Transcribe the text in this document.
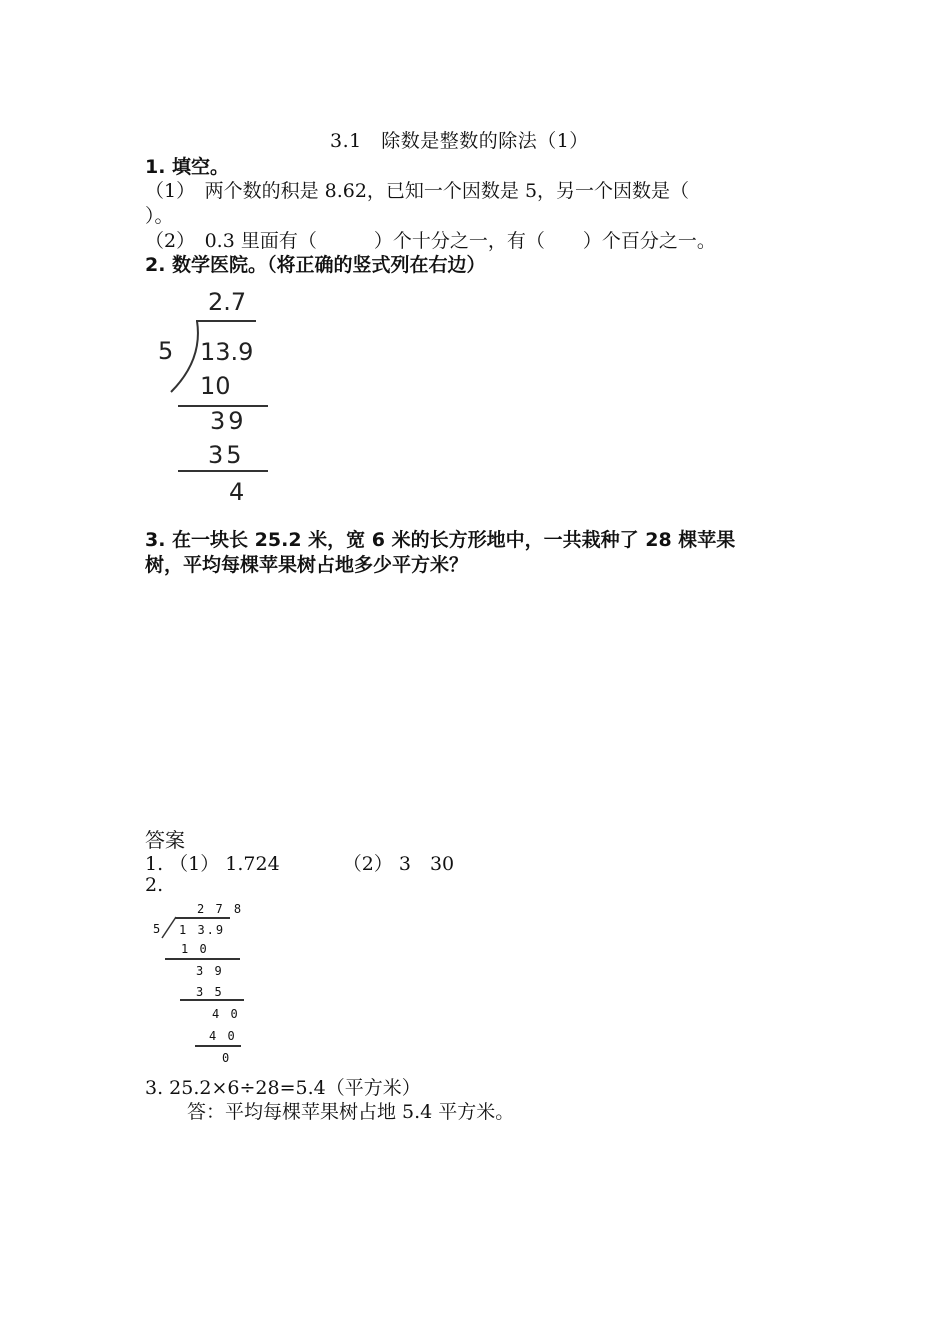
3.1　除数是整数的除法（1）
1. 填空。
（1）　两个数的积是 8.62，已知一个因数是 5，另一个因数是（
）。
（2）　0.3 里面有（　　　）个十分之一，有（　　）个百分之一。
2. 数学医院。（将正确的竖式列在右边）
2.7
5 13.9
10
39
35
4
3. 在一块长 25.2 米，宽 6 米的长方形地中，一共栽种了 28 棵苹果
树，平均每棵苹果树占地多少平方米？
答案
1. （1） 1.724　　　 （2） 3　30
2.
2 7 8
5 1 3.9
1 0
3 9
3 5
4 0
4 0
0
3. 25.2×6÷28=5.4（平方米）
答：平均每棵苹果树占地 5.4 平方米。
